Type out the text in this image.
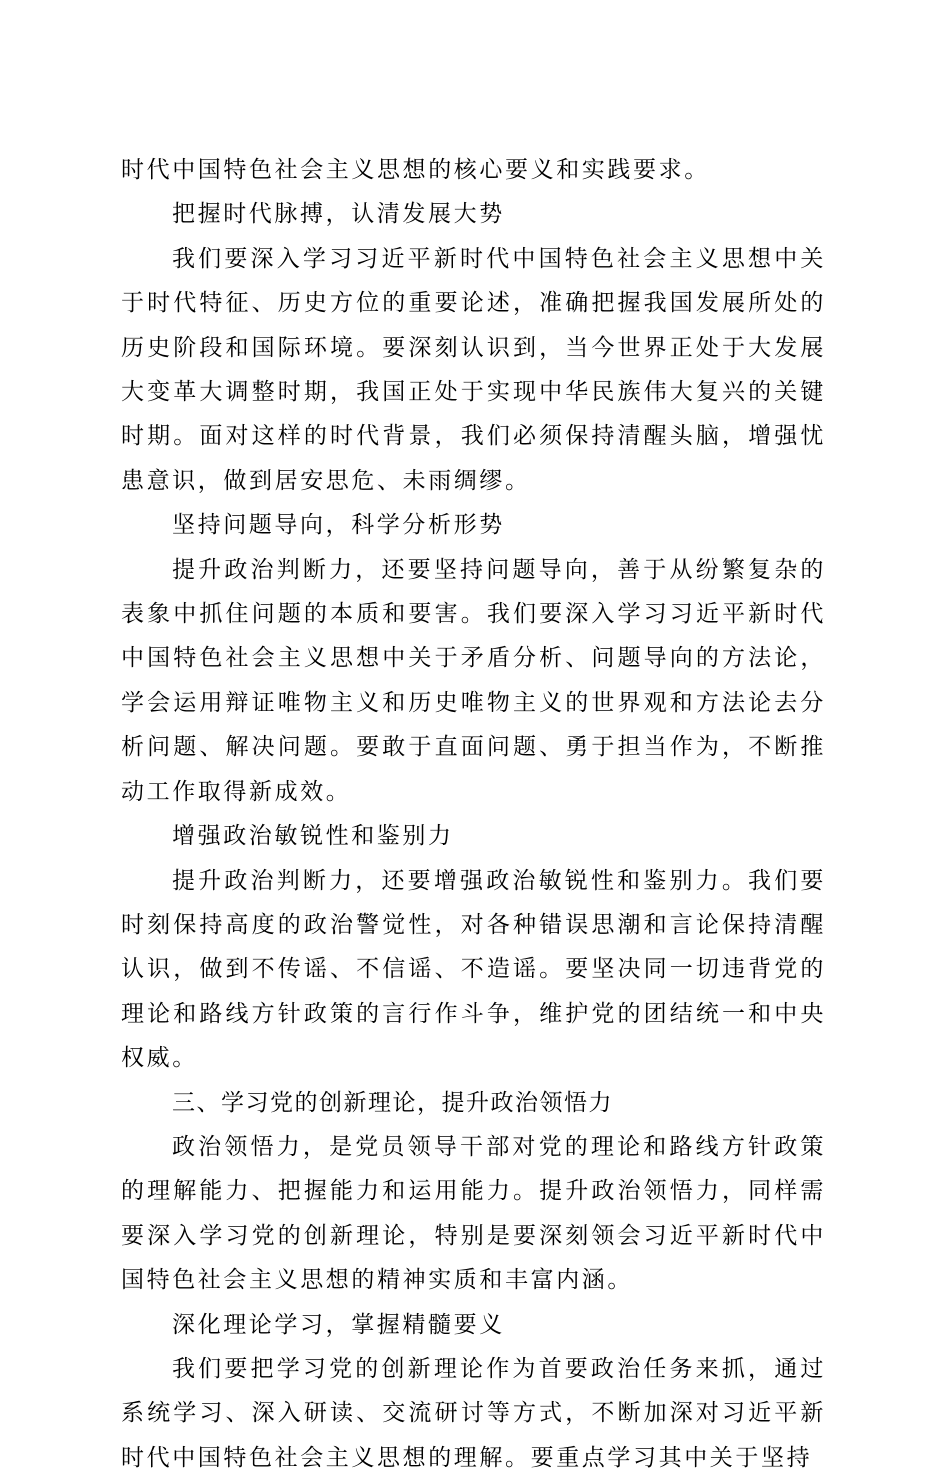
时代中国特色社会主义思想的核心要义和实践要求。

把握时代脉搏，认清发展大势

我们要深入学习习近平新时代中国特色社会主义思想中关于时代特征、历史方位的重要论述，准确把握我国发展所处的历史阶段和国际环境。要深刻认识到，当今世界正处于大发展大变革大调整时期，我国正处于实现中华民族伟大复兴的关键时期。面对这样的时代背景，我们必须保持清醒头脑，增强忧患意识，做到居安思危、未雨绸缪。

坚持问题导向，科学分析形势

提升政治判断力，还要坚持问题导向，善于从纷繁复杂的表象中抓住问题的本质和要害。我们要深入学习习近平新时代中国特色社会主义思想中关于矛盾分析、问题导向的方法论，学会运用辩证唯物主义和历史唯物主义的世界观和方法论去分析问题、解决问题。要敢于直面问题、勇于担当作为，不断推动工作取得新成效。

增强政治敏锐性和鉴别力

提升政治判断力，还要增强政治敏锐性和鉴别力。我们要时刻保持高度的政治警觉性，对各种错误思潮和言论保持清醒认识，做到不传谣、不信谣、不造谣。要坚决同一切违背党的理论和路线方针政策的言行作斗争，维护党的团结统一和中央权威。

三、学习党的创新理论，提升政治领悟力

政治领悟力，是党员领导干部对党的理论和路线方针政策的理解能力、把握能力和运用能力。提升政治领悟力，同样需要深入学习党的创新理论，特别是要深刻领会习近平新时代中国特色社会主义思想的精神实质和丰富内涵。

深化理论学习，掌握精髓要义

我们要把学习党的创新理论作为首要政治任务来抓，通过系统学习、深入研读、交流研讨等方式，不断加深对习近平新时代中国特色社会主义思想的理解。要重点学习其中关于坚持
